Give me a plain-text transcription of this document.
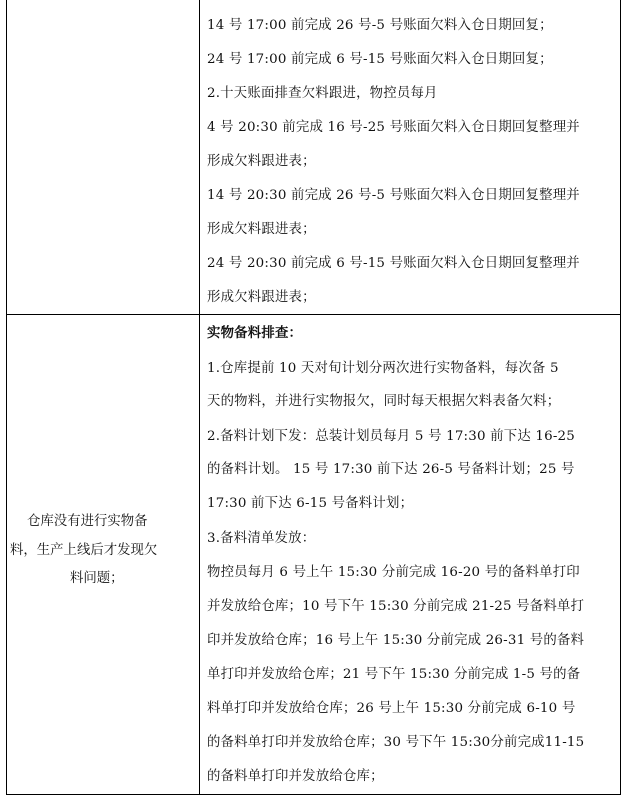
14 号 17:00 前完成 26 号-5 号账面欠料入仓日期回复；
24 号 17:00 前完成 6 号-15 号账面欠料入仓日期回复；
2.十天账面排查欠料跟进，物控员每月
4 号 20:30 前完成 16 号-25 号账面欠料入仓日期回复整理并
形成欠料跟进表；
14 号 20:30 前完成 26 号-5 号账面欠料入仓日期回复整理并
形成欠料跟进表；
24 号 20:30 前完成 6 号-15 号账面欠料入仓日期回复整理并
形成欠料跟进表；
仓库没有进行实物备
料，生产上线后才发现欠
料问题；
实物备料排查：
1.仓库提前 10 天对旬计划分两次进行实物备料，每次备 5
天的物料，并进行实物报欠，同时每天根据欠料表备欠料；
2.备料计划下发：总装计划员每月 5 号 17:30 前下达 16-25
的备料计划。 15 号 17:30 前下达 26-5 号备料计划；25 号
17:30 前下达 6-15 号备料计划；
3.备料清单发放：
物控员每月 6 号上午 15:30 分前完成 16-20 号的备料单打印
并发放给仓库；10 号下午 15:30 分前完成 21-25 号备料单打
印并发放给仓库；16 号上午 15:30 分前完成 26-31 号的备料
单打印并发放给仓库；21 号下午 15:30 分前完成 1-5 号的备
料单打印并发放给仓库；26 号上午 15:30 分前完成 6-10 号
的备料单打印并发放给仓库；30 号下午 15:30分前完成11-15
的备料单打印并发放给仓库；
